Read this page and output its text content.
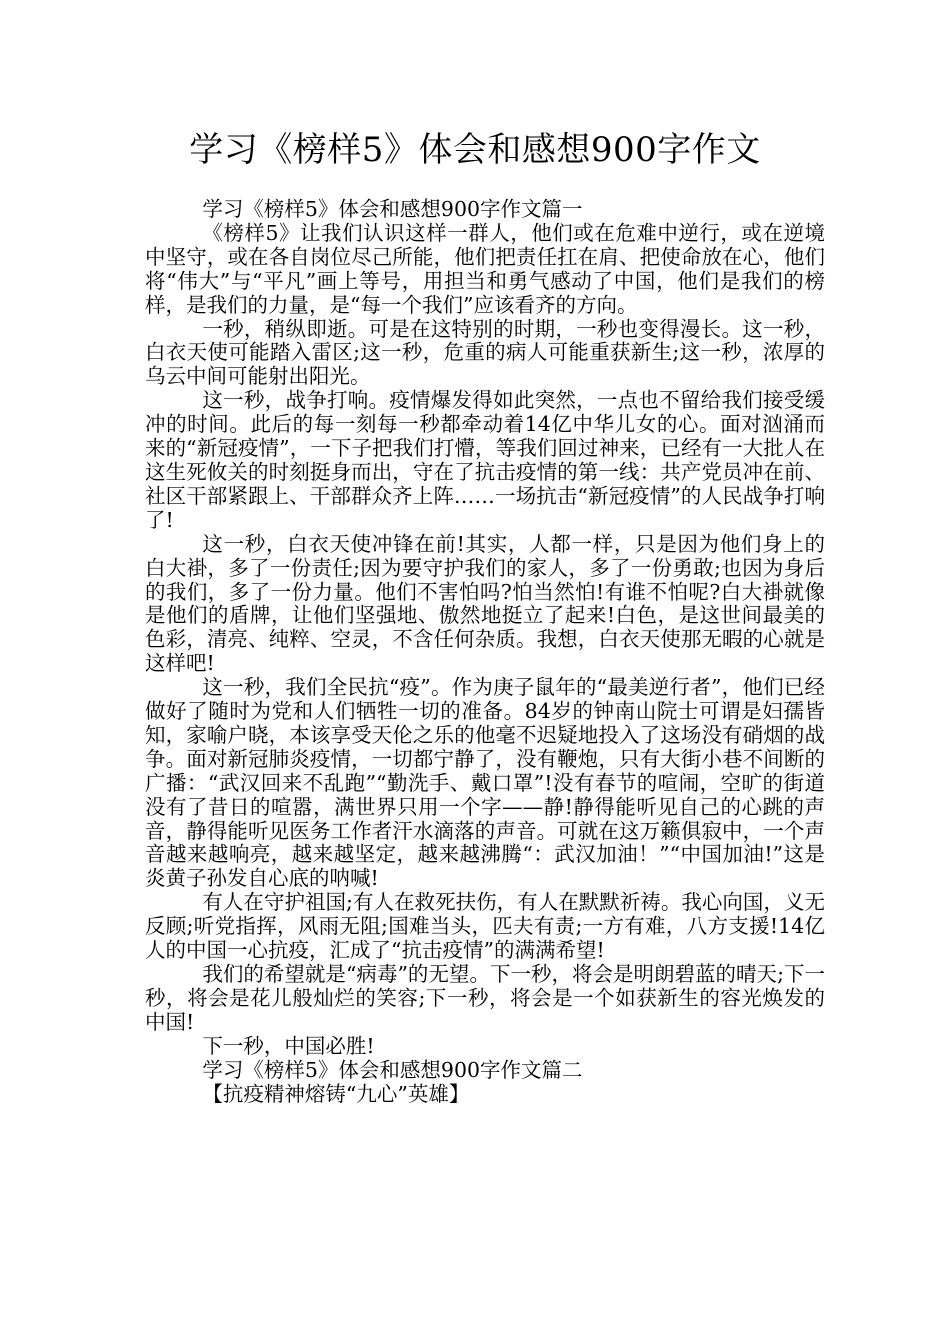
学习《榜样5》体会和感想900字作文

学习《榜样5》体会和感想900字作文篇一

《榜样5》让我们认识这样一群人，他们或在危难中逆行，或在逆境中坚守，或在各自岗位尽己所能，他们把责任扛在肩、把使命放在心，他们将“伟大”与“平凡”画上等号，用担当和勇气感动了中国，他们是我们的榜样，是我们的力量，是“每一个我们”应该看齐的方向。

一秒，稍纵即逝。可是在这特别的时期，一秒也变得漫长。这一秒，白衣天使可能踏入雷区;这一秒，危重的病人可能重获新生;这一秒，浓厚的乌云中间可能射出阳光。

这一秒，战争打响。疫情爆发得如此突然，一点也不留给我们接受缓冲的时间。此后的每一刻每一秒都牵动着14亿中华儿女的心。面对汹涌而来的“新冠疫情”，一下子把我们打懵，等我们回过神来，已经有一大批人在这生死攸关的时刻挺身而出，守在了抗击疫情的第一线：共产党员冲在前、社区干部紧跟上、干部群众齐上阵……一场抗击“新冠疫情”的人民战争打响了!

这一秒，白衣天使冲锋在前!其实，人都一样，只是因为他们身上的白大褂，多了一份责任;因为要守护我们的家人，多了一份勇敢;也因为身后的我们，多了一份力量。他们不害怕吗?怕当然怕!有谁不怕呢?白大褂就像是他们的盾牌，让他们坚强地、傲然地挺立了起来!白色，是这世间最美的色彩，清亮、纯粹、空灵，不含任何杂质。我想，白衣天使那无暇的心就是这样吧!

这一秒，我们全民抗“疫”。作为庚子鼠年的“最美逆行者”，他们已经做好了随时为党和人们牺牲一切的准备。84岁的钟南山院士可谓是妇孺皆知，家喻户晓，本该享受天伦之乐的他毫不迟疑地投入了这场没有硝烟的战争。面对新冠肺炎疫情，一切都宁静了，没有鞭炮，只有大街小巷不间断的广播：“武汉回来不乱跑”“勤洗手、戴口罩”!没有春节的喧闹，空旷的街道没有了昔日的喧嚣，满世界只用一个字——静!静得能听见自己的心跳的声音，静得能听见医务工作者汗水滴落的声音。可就在这万籁俱寂中，一个声音越来越响亮，越来越坚定，越来越沸腾“：武汉加油！”“中国加油!”这是炎黄子孙发自心底的呐喊!

有人在守护祖国;有人在救死扶伤，有人在默默祈祷。我心向国，义无反顾;听党指挥，风雨无阻;国难当头，匹夫有责;一方有难，八方支援!14亿人的中国一心抗疫，汇成了“抗击疫情”的满满希望!

我们的希望就是“病毒”的无望。下一秒，将会是明朗碧蓝的晴天;下一秒，将会是花儿般灿烂的笑容;下一秒，将会是一个如获新生的容光焕发的中国!

下一秒，中国必胜!

学习《榜样5》体会和感想900字作文篇二

【抗疫精神熔铸“九心”英雄】
